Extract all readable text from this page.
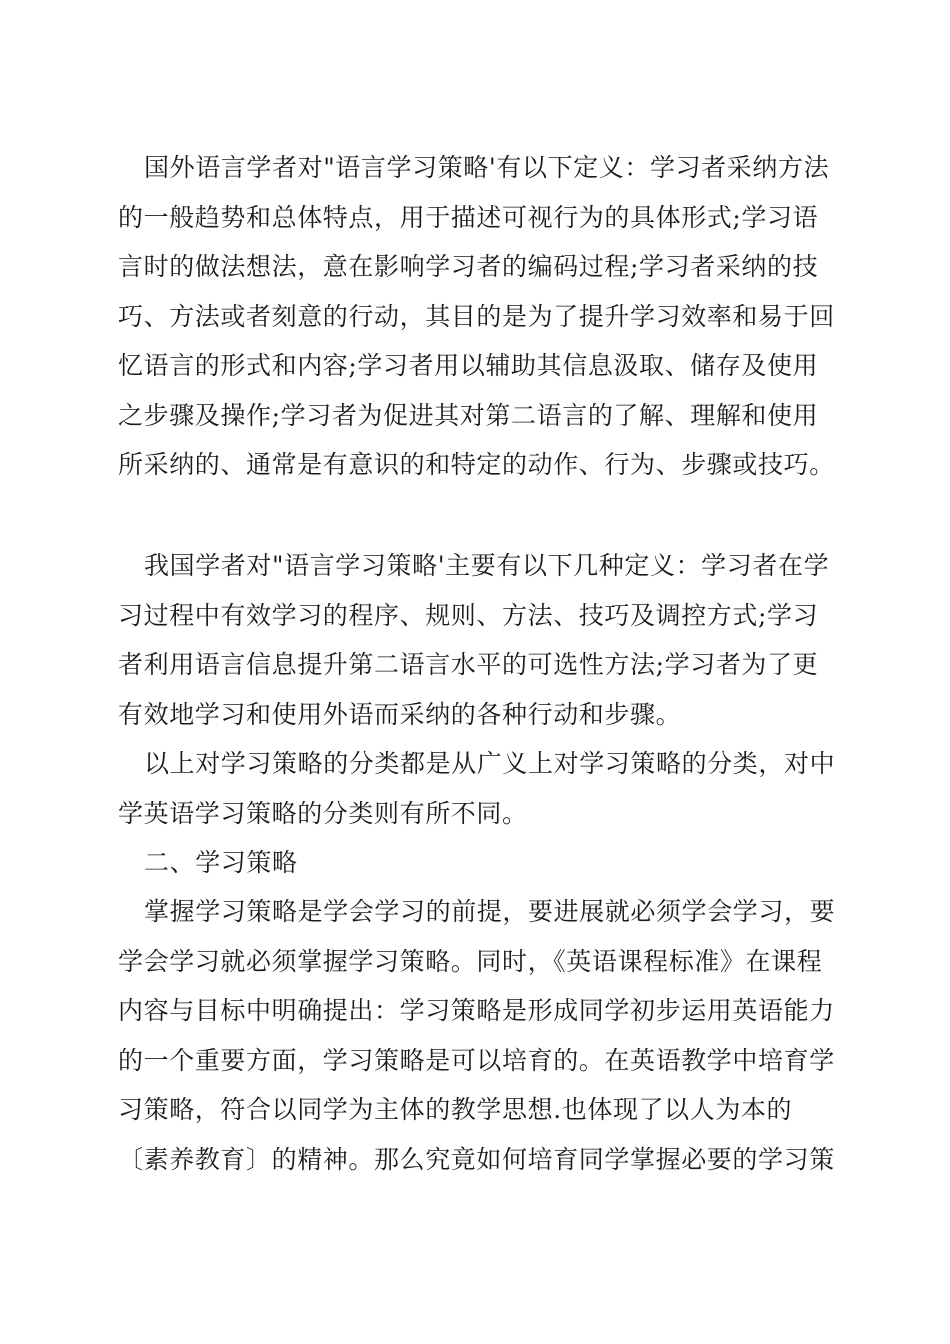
国外语言学者对"语言学习策略'有以下定义：学习者采纳方法
的一般趋势和总体特点，用于描述可视行为的具体形式;学习语
言时的做法想法，意在影响学习者的编码过程;学习者采纳的技
巧、方法或者刻意的行动，其目的是为了提升学习效率和易于回
忆语言的形式和内容;学习者用以辅助其信息汲取、储存及使用
之步骤及操作;学习者为促进其对第二语言的了解、理解和使用
所采纳的、通常是有意识的和特定的动作、行为、步骤或技巧。
我国学者对"语言学习策略'主要有以下几种定义：学习者在学
习过程中有效学习的程序、规则、方法、技巧及调控方式;学习
者利用语言信息提升第二语言水平的可选性方法;学习者为了更
有效地学习和使用外语而采纳的各种行动和步骤。
以上对学习策略的分类都是从广义上对学习策略的分类，对中
学英语学习策略的分类则有所不同。
二、学习策略
掌握学习策略是学会学习的前提，要进展就必须学会学习，要
学会学习就必须掌握学习策略。同时，《英语课程标准》在课程
内容与目标中明确提出：学习策略是形成同学初步运用英语能力
的一个重要方面，学习策略是可以培育的。在英语教学中培育学
习策略，符合以同学为主体的教学思想.也体现了以人为本的
〔素养教育〕的精神。那么究竟如何培育同学掌握必要的学习策
